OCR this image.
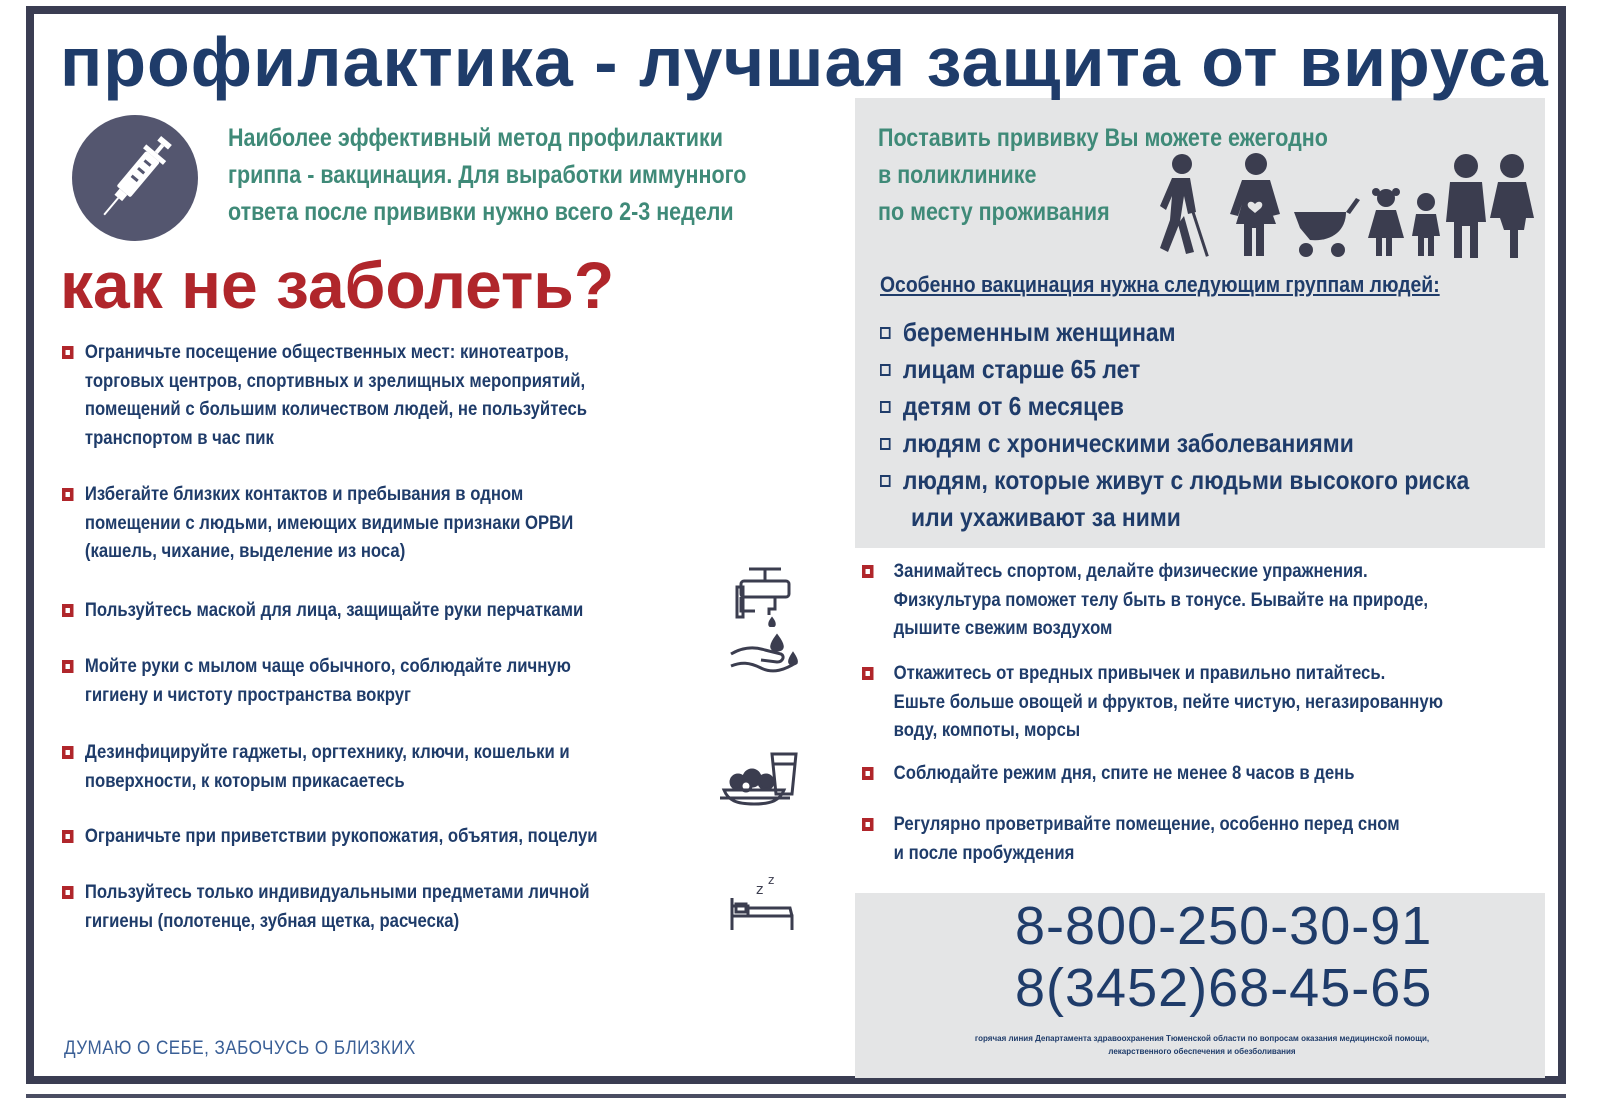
профилактика - лучшая защита от вируса
Наиболее эффективный метод профилактики
гриппа - вакцинация. Для выработки иммунного
ответа после прививки нужно всего 2-3 недели
Поставить прививку Вы можете ежегодно
в поликлинике
по месту проживания
как не заболеть?
Ограничьте посещение общественных мест: кинотеатров,
торговых центров, спортивных и зрелищных мероприятий,
помещений с большим количеством людей, не пользуйтесь
транспортом в час пик
Избегайте близких контактов и пребывания в одном
помещении с людьми, имеющих видимые признаки ОРВИ
(кашель, чихание, выделение из носа)
Пользуйтесь маской для лица, защищайте руки перчатками
Мойте руки с мылом чаще обычного, соблюдайте личную
гигиену и чистоту пространства вокруг
Дезинфицируйте гаджеты, оргтехнику, ключи, кошельки и
поверхности, к которым прикасаетесь
Ограничьте при приветствии рукопожатия, объятия, поцелуи
Пользуйтесь только индивидуальными предметами личной
гигиены (полотенце, зубная щетка, расческа)
z
z
Особенно вакцинация нужна следующим группам людей:
беременным женщинам
лицам старше 65 лет
детям от 6 месяцев
людям с хроническими заболеваниями
людям, которые живут с людьми высокого риска
или ухаживают за ними
Занимайтесь спортом, делайте физические упражнения.
Физкультура поможет телу быть в тонусе. Бывайте на природе,
дышите свежим воздухом
Откажитесь от вредных привычек и правильно питайтесь.
Ешьте больше овощей и фруктов, пейте чистую, негазированную
воду, компоты, морсы
Соблюдайте режим дня, спите не менее 8 часов в день
Регулярно проветривайте помещение, особенно перед сном
и после пробуждения
8-800-250-30-91
8(3452)68-45-65
горячая линия Департамента здравоохранения Тюменской области по вопросам оказания медицинской помощи,
лекарственного обеспечения и обезболивания
ДУМАЮ О СЕБЕ, ЗАБОЧУСЬ О БЛИЗКИХ
